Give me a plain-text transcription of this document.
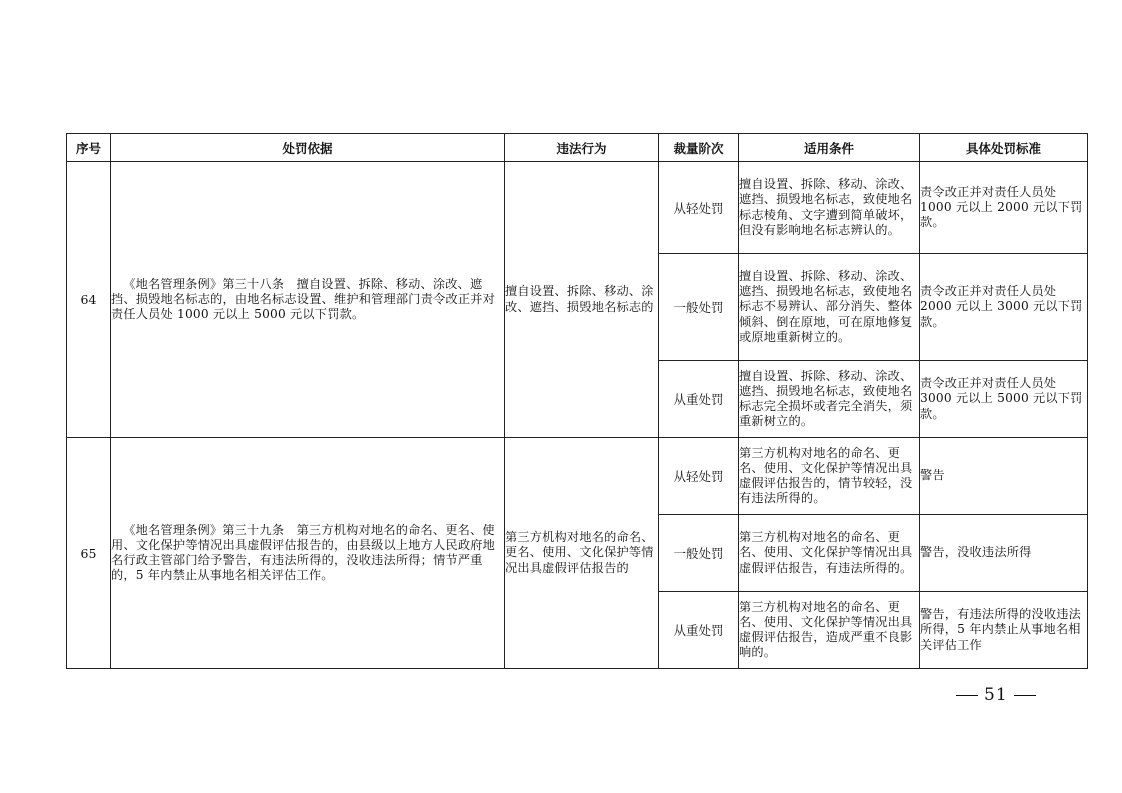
序号	处罚依据	违法行为	裁量阶次	适用条件	具体处罚标准
64	《地名管理条例》第三十八条　擅自设置、拆除、移动、涂改、遮挡、损毁地名标志的，由地名标志设置、维护和管理部门责令改正并对责任人员处 1000 元以上 5000 元以下罚款。	擅自设置、拆除、移动、涂改、遮挡、损毁地名标志的	从轻处罚	擅自设置、拆除、移动、涂改、遮挡、损毁地名标志，致使地名标志棱角、文字遭到简单破坏，但没有影响地名标志辨认的。	责令改正并对责任人员处 1000 元以上 2000 元以下罚款。
			一般处罚	擅自设置、拆除、移动、涂改、遮挡、损毁地名标志，致使地名标志不易辨认、部分消失、整体倾斜、倒在原地，可在原地修复或原地重新树立的。	责令改正并对责任人员处 2000 元以上 3000 元以下罚款。
			从重处罚	擅自设置、拆除、移动、涂改、遮挡、损毁地名标志，致使地名标志完全损坏或者完全消失，须重新树立的。	责令改正并对责任人员处 3000 元以上 5000 元以下罚款。
65	《地名管理条例》第三十九条　第三方机构对地名的命名、更名、使用、文化保护等情况出具虚假评估报告的，由县级以上地方人民政府地名行政主管部门给予警告，有违法所得的，没收违法所得；情节严重的，5 年内禁止从事地名相关评估工作。	第三方机构对地名的命名、更名、使用、文化保护等情况出具虚假评估报告的	从轻处罚	第三方机构对地名的命名、更名、使用、文化保护等情况出具虚假评估报告的，情节较轻，没有违法所得的。	警告
			一般处罚	第三方机构对地名的命名、更名、使用、文化保护等情况出具虚假评估报告，有违法所得的。	警告，没收违法所得
			从重处罚	第三方机构对地名的命名、更名、使用、文化保护等情况出具虚假评估报告，造成严重不良影响的。	警告，有违法所得的没收违法所得，5 年内禁止从事地名相关评估工作
51
